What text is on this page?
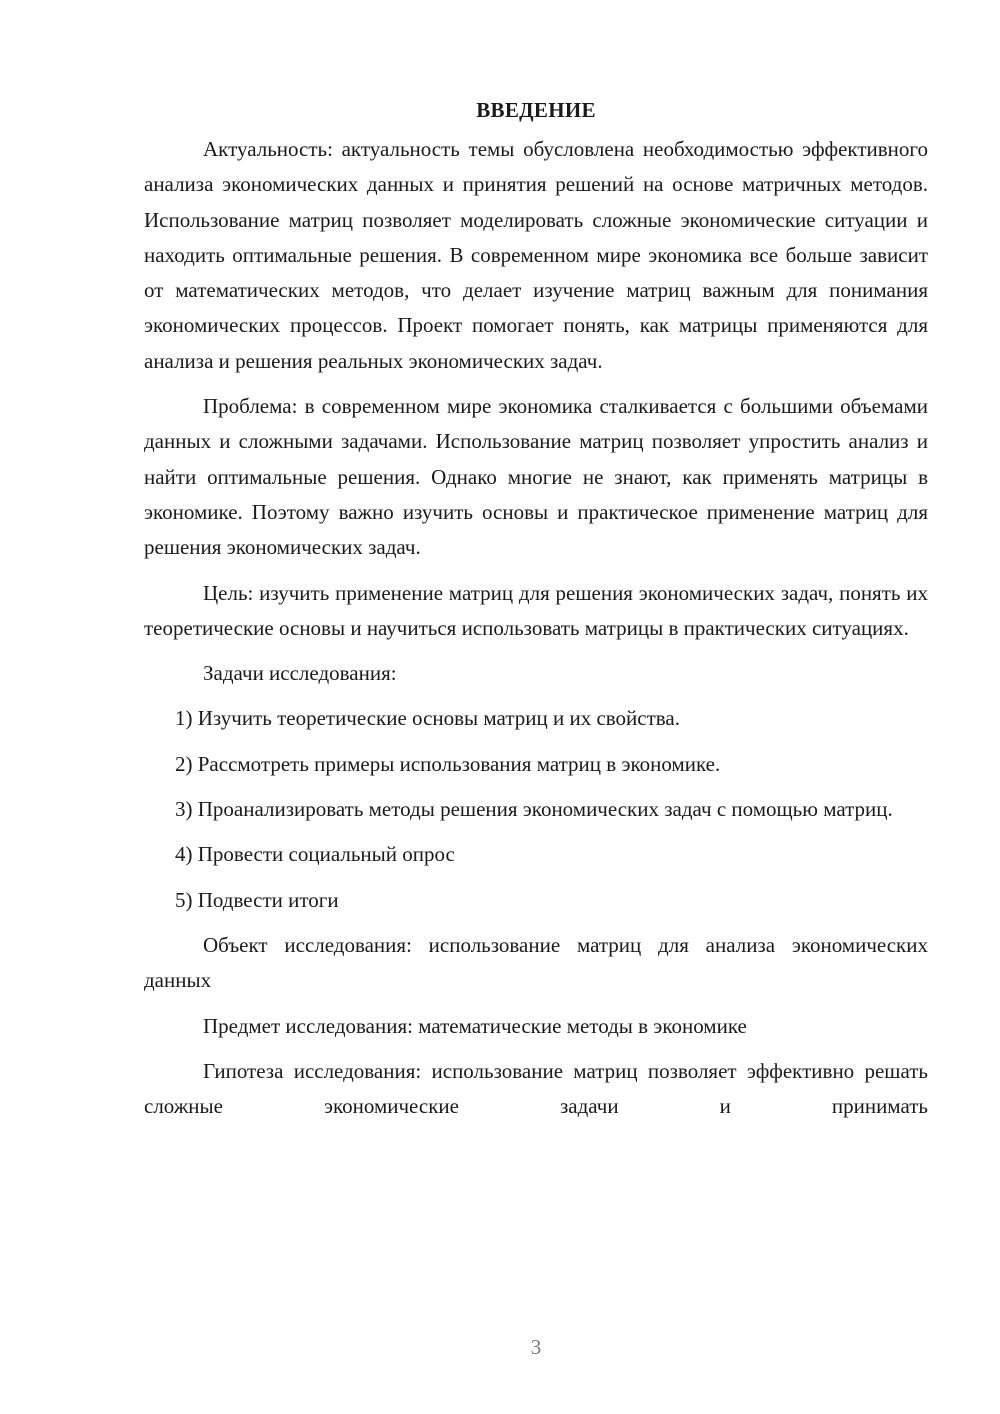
ВВЕДЕНИЕ

Актуальность: актуальность темы обусловлена необходимостью эффективного анализа экономических данных и принятия решений на основе матричных методов. Использование матриц позволяет моделировать сложные экономические ситуации и находить оптимальные решения. В современном мире экономика все больше зависит от математических методов, что делает изучение матриц важным для понимания экономических процессов. Проект помогает понять, как матрицы применяются для анализа и решения реальных экономических задач.

Проблема: в современном мире экономика сталкивается с большими объемами данных и сложными задачами. Использование матриц позволяет упростить анализ и найти оптимальные решения. Однако многие не знают, как применять матрицы в экономике. Поэтому важно изучить основы и практическое применение матриц для решения экономических задач.

Цель: изучить применение матриц для решения экономических задач, понять их теоретические основы и научиться использовать матрицы в практических ситуациях.

Задачи исследования:

1) Изучить теоретические основы матриц и их свойства.

2) Рассмотреть примеры использования матриц в экономике.

3) Проанализировать методы решения экономических задач с помощью матриц.

4) Провести социальный опрос

5) Подвести итоги

Объект исследования: использование матриц для анализа экономических данных

Предмет исследования: математические методы в экономике

Гипотеза исследования: использование матриц позволяет эффективно решать сложные экономические задачи и принимать

3
